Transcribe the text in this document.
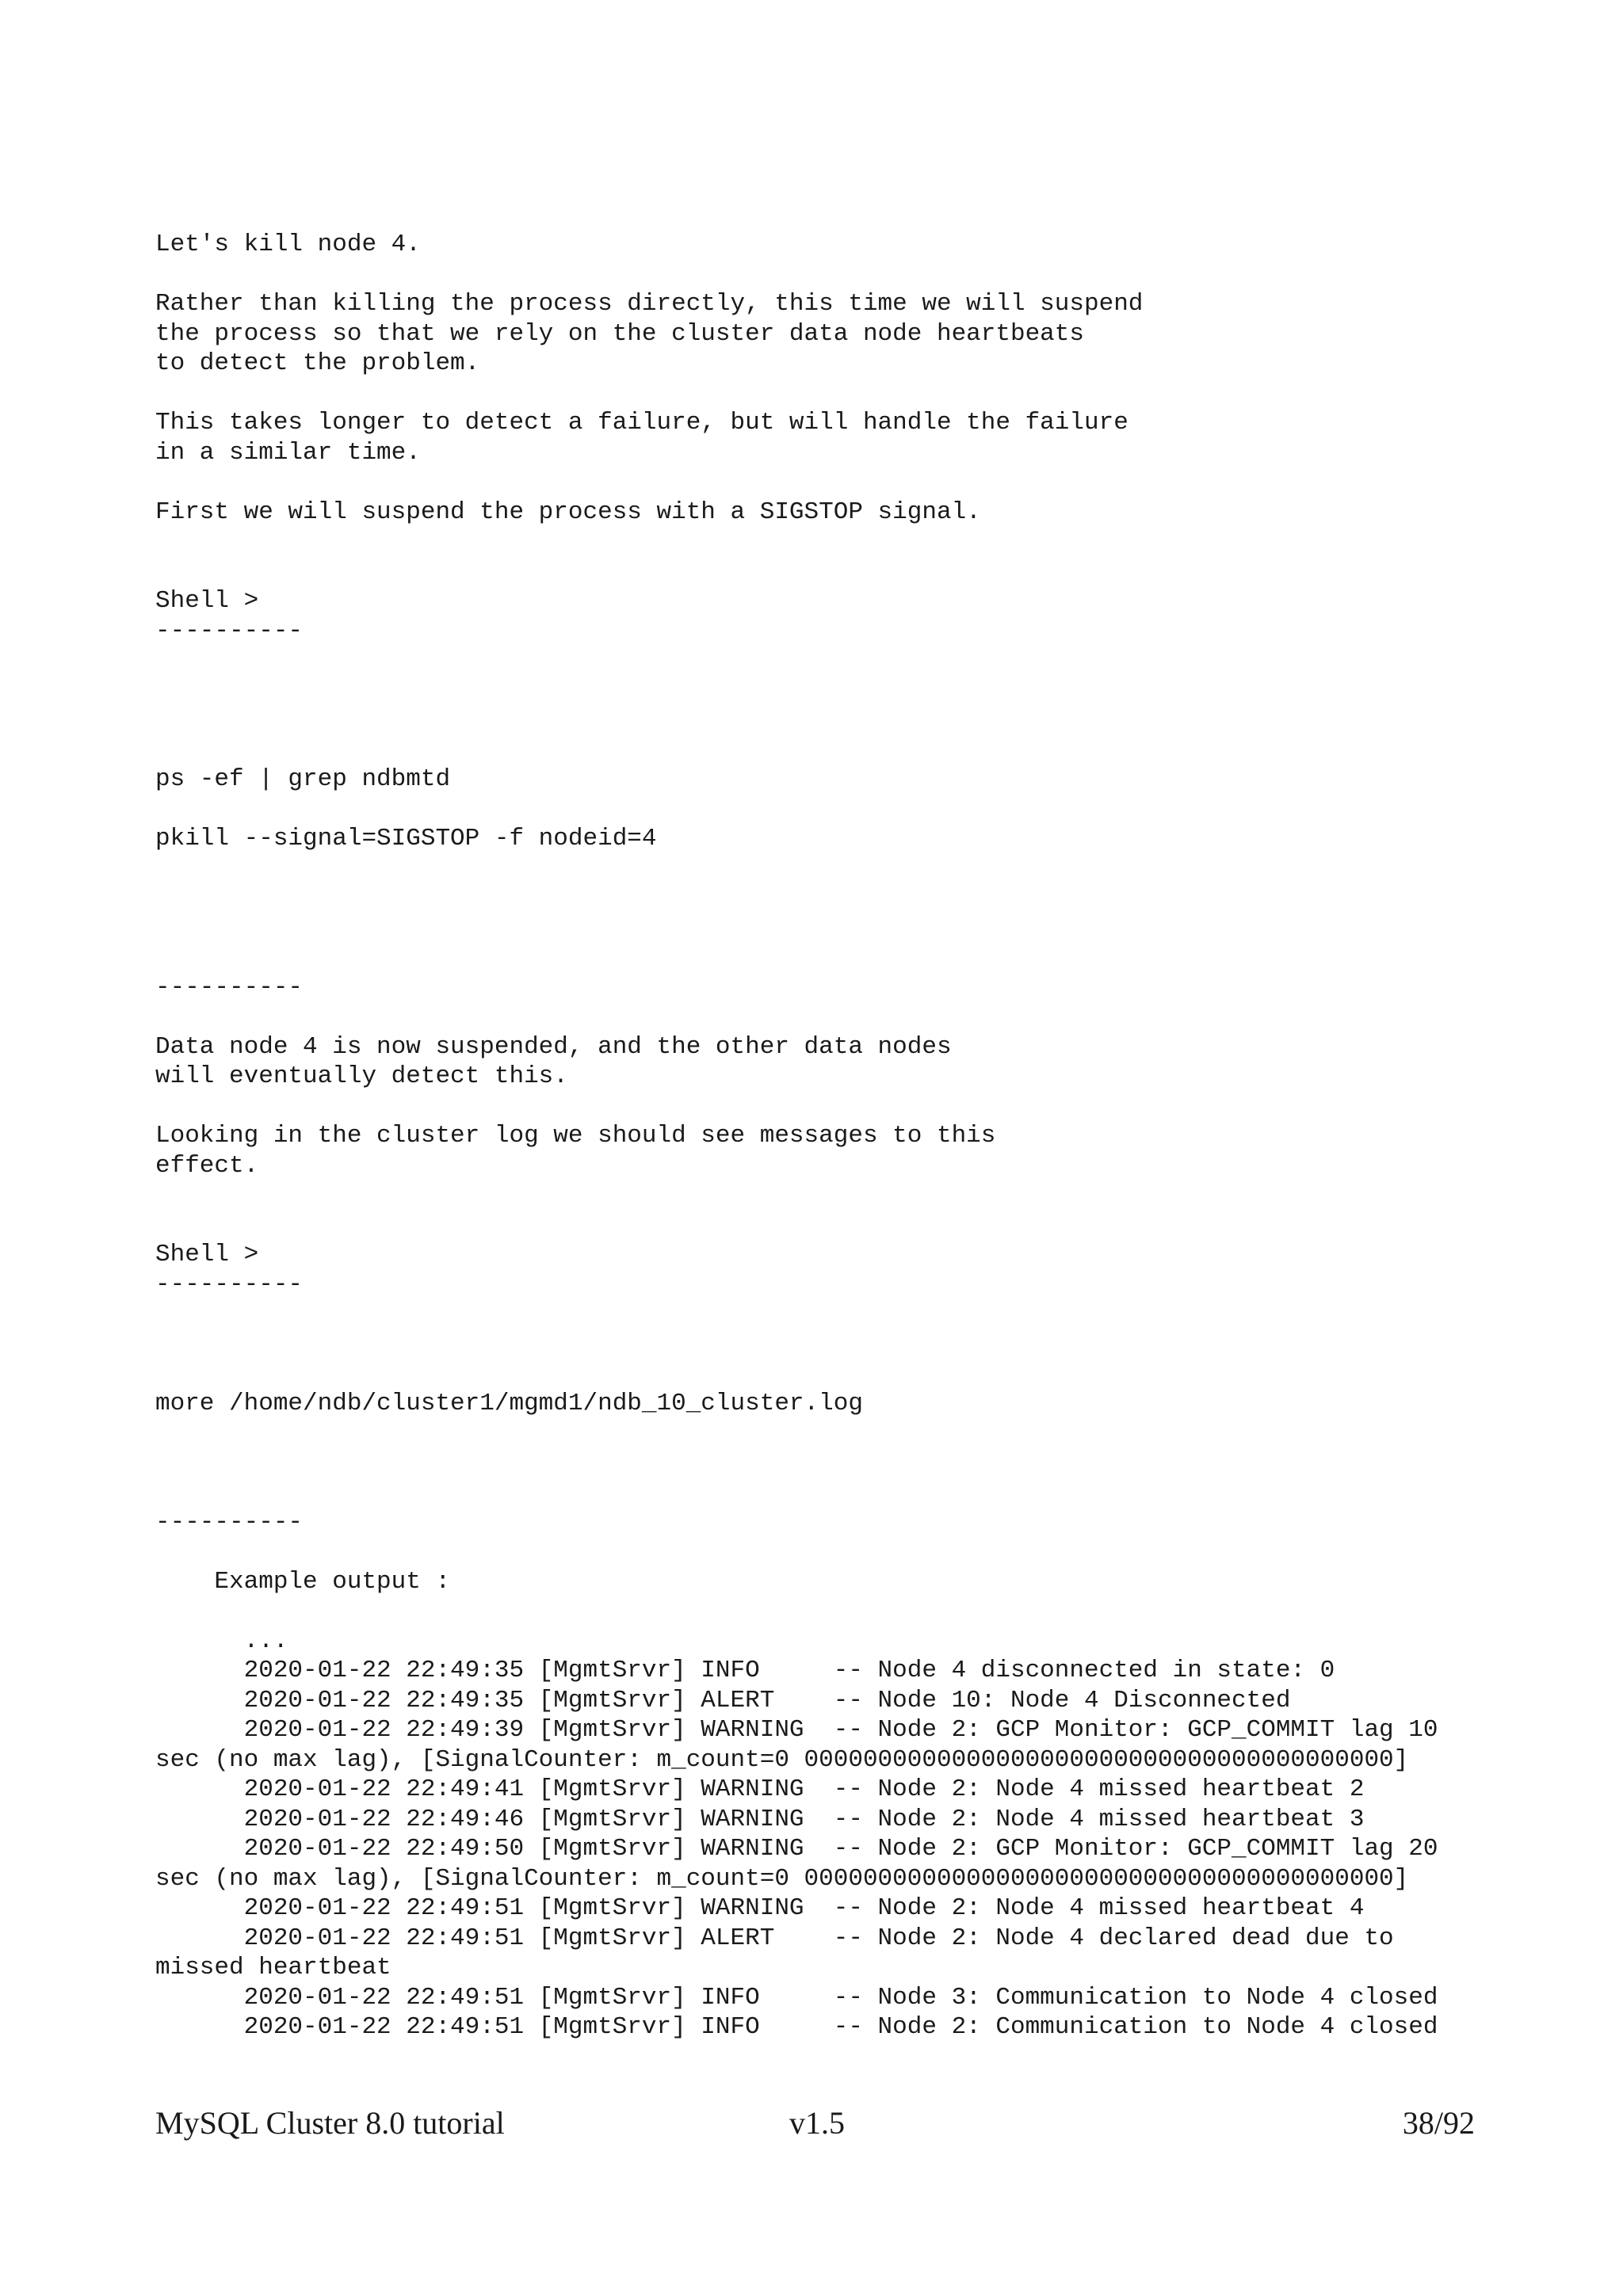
Let's kill node 4.
Rather than killing the process directly, this time we will suspend
the process so that we rely on the cluster data node heartbeats
to detect the problem.
This takes longer to detect a failure, but will handle the failure
in a similar time.
First we will suspend the process with a SIGSTOP signal.
Shell >
----------
ps -ef | grep ndbmtd
pkill --signal=SIGSTOP -f nodeid=4
----------
Data node 4 is now suspended, and the other data nodes
will eventually detect this.
Looking in the cluster log we should see messages to this
effect.
Shell >
----------
more /home/ndb/cluster1/mgmd1/ndb_10_cluster.log
----------
Example output :
...
2020-01-22 22:49:35 [MgmtSrvr] INFO     -- Node 4 disconnected in state: 0
2020-01-22 22:49:35 [MgmtSrvr] ALERT    -- Node 10: Node 4 Disconnected
2020-01-22 22:49:39 [MgmtSrvr] WARNING  -- Node 2: GCP Monitor: GCP_COMMIT lag 10
sec (no max lag), [SignalCounter: m_count=0 0000000000000000000000000000000000000000]
2020-01-22 22:49:41 [MgmtSrvr] WARNING  -- Node 2: Node 4 missed heartbeat 2
2020-01-22 22:49:46 [MgmtSrvr] WARNING  -- Node 2: Node 4 missed heartbeat 3
2020-01-22 22:49:50 [MgmtSrvr] WARNING  -- Node 2: GCP Monitor: GCP_COMMIT lag 20
sec (no max lag), [SignalCounter: m_count=0 0000000000000000000000000000000000000000]
2020-01-22 22:49:51 [MgmtSrvr] WARNING  -- Node 2: Node 4 missed heartbeat 4
2020-01-22 22:49:51 [MgmtSrvr] ALERT    -- Node 2: Node 4 declared dead due to
missed heartbeat
2020-01-22 22:49:51 [MgmtSrvr] INFO     -- Node 3: Communication to Node 4 closed
2020-01-22 22:49:51 [MgmtSrvr] INFO     -- Node 2: Communication to Node 4 closed
MySQL Cluster 8.0 tutorial	v1.5	38/92
